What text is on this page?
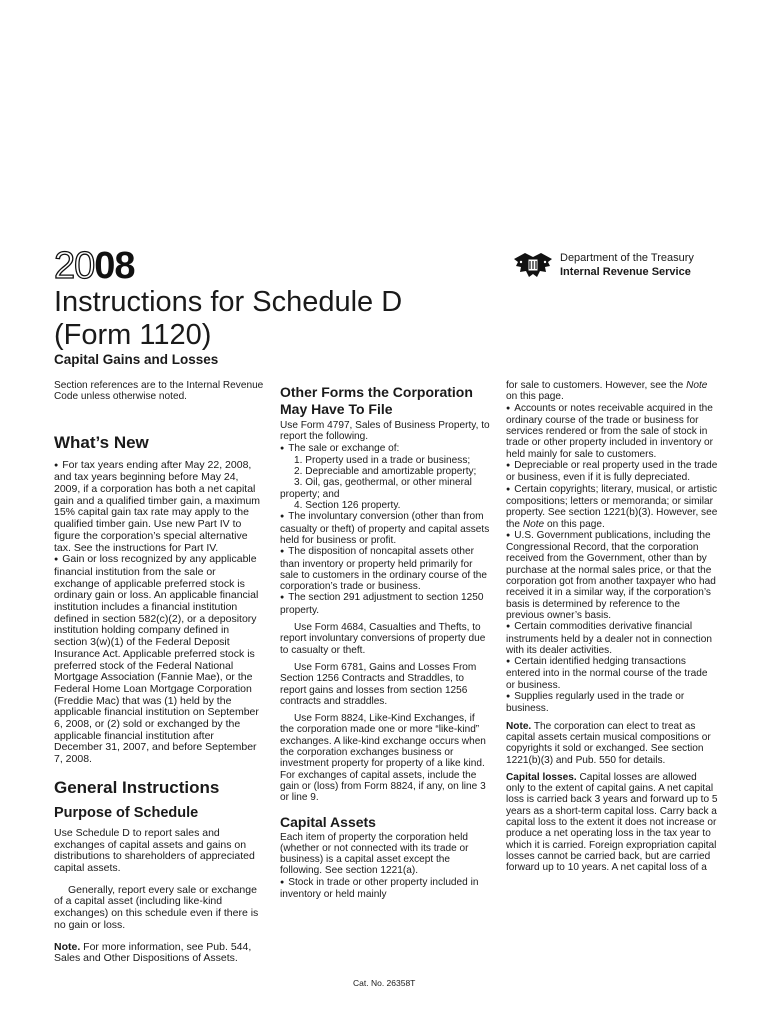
2008	Department of the Treasury
Internal Revenue Service
Instructions for Schedule D
(Form 1120)
Capital Gains and Losses

Section references are to the Internal Revenue Code unless otherwise noted.

What’s New

● For tax years ending after May 22, 2008, and tax years beginning before May 24, 2009, if a corporation has both a net capital gain and a qualified timber gain, a maximum 15% capital gain tax rate may apply to the qualified timber gain. Use new Part IV to figure the corporation’s special alternative tax. See the instructions for Part IV.

● Gain or loss recognized by any applicable financial institution from the sale or exchange of applicable preferred stock is ordinary gain or loss. An applicable financial institution includes a financial institution defined in section 582(c)(2), or a depository institution holding company defined in section 3(w)(1) of the Federal Deposit Insurance Act. Applicable preferred stock is preferred stock of the Federal National Mortgage Association (Fannie Mae), or the Federal Home Loan Mortgage Corporation (Freddie Mac) that was (1) held by the applicable financial institution on September 6, 2008, or (2) sold or exchanged by the applicable financial institution after December 31, 2007, and before September 7, 2008.

General Instructions
Purpose of Schedule

Use Schedule D to report sales and exchanges of capital assets and gains on distributions to shareholders of appreciated capital assets.

Generally, report every sale or exchange of a capital asset (including like-kind exchanges) on this schedule even if there is no gain or loss.

Note. For more information, see Pub. 544, Sales and Other Dispositions of Assets.

Other Forms the Corporation May Have To File

Use Form 4797, Sales of Business Property, to report the following.

● The sale or exchange of:

1. Property used in a trade or business;

2. Depreciable and amortizable property;

3. Oil, gas, geothermal, or other mineral property; and

4. Section 126 property.

● The involuntary conversion (other than from casualty or theft) of property and capital assets held for business or profit.

● The disposition of noncapital assets other than inventory or property held primarily for sale to customers in the ordinary course of the corporation’s trade or business.

● The section 291 adjustment to section 1250 property.

Use Form 4684, Casualties and Thefts, to report involuntary conversions of property due to casualty or theft.

Use Form 6781, Gains and Losses From Section 1256 Contracts and Straddles, to report gains and losses from section 1256 contracts and straddles.

Use Form 8824, Like-Kind Exchanges, if the corporation made one or more “like-kind” exchanges. A like-kind exchange occurs when the corporation exchanges business or investment property for property of a like kind. For exchanges of capital assets, include the gain or (loss) from Form 8824, if any, on line 3 or line 9.

Capital Assets

Each item of property the corporation held (whether or not connected with its trade or business) is a capital asset except the following. See section 1221(a).

● Stock in trade or other property included in inventory or held mainly

for sale to customers. However, see the Note on this page.

● Accounts or notes receivable acquired in the ordinary course of the trade or business for services rendered or from the sale of stock in trade or other property included in inventory or held mainly for sale to customers.

● Depreciable or real property used in the trade or business, even if it is fully depreciated.

● Certain copyrights; literary, musical, or artistic compositions; letters or memoranda; or similar property. See section 1221(b)(3). However, see the Note on this page.

● U.S. Government publications, including the Congressional Record, that the corporation received from the Government, other than by purchase at the normal sales price, or that the corporation got from another taxpayer who had received it in a similar way, if the corporation’s basis is determined by reference to the previous owner’s basis.

● Certain commodities derivative financial instruments held by a dealer not in connection with its dealer activities.

● Certain identified hedging transactions entered into in the normal course of the trade or business.

● Supplies regularly used in the trade or business.

Note. The corporation can elect to treat as capital assets certain musical compositions or copyrights it sold or exchanged. See section 1221(b)(3) and Pub. 550 for details.

Capital losses. Capital losses are allowed only to the extent of capital gains. A net capital loss is carried back 3 years and forward up to 5 years as a short-term capital loss. Carry back a capital loss to the extent it does not increase or produce a net operating loss in the tax year to which it is carried. Foreign expropriation capital losses cannot be carried back, but are carried forward up to 10 years. A net capital loss of a

Cat. No. 26358T
